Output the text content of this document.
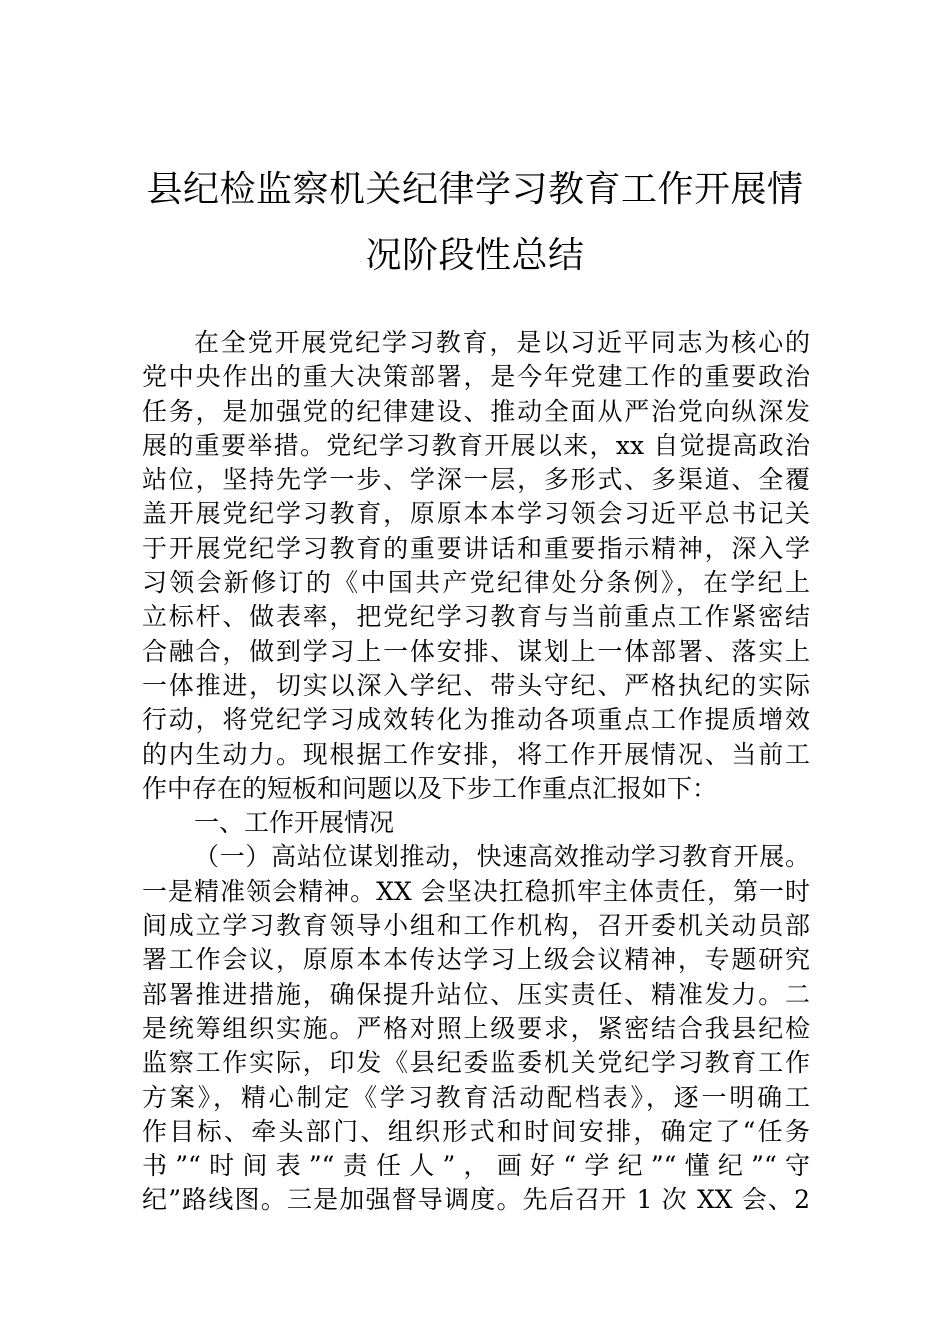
县纪检监察机关纪律学习教育工作开展情
况阶段性总结
在全党开展党纪学习教育，是以习近平同志为核心的
党中央作出的重大决策部署，是今年党建工作的重要政治
任务，是加强党的纪律建设、推动全面从严治党向纵深发
展的重要举措。党纪学习教育开展以来，xx 自觉提高政治
站位，坚持先学一步、学深一层，多形式、多渠道、全覆
盖开展党纪学习教育，原原本本学习领会习近平总书记关
于开展党纪学习教育的重要讲话和重要指示精神，深入学
习领会新修订的《中国共产党纪律处分条例》，在学纪上
立标杆、做表率，把党纪学习教育与当前重点工作紧密结
合融合，做到学习上一体安排、谋划上一体部署、落实上
一体推进，切实以深入学纪、带头守纪、严格执纪的实际
行动，将党纪学习成效转化为推动各项重点工作提质增效
的内生动力。现根据工作安排，将工作开展情况、当前工
作中存在的短板和问题以及下步工作重点汇报如下：
一、工作开展情况
（一）高站位谋划推动，快速高效推动学习教育开展。
一是精准领会精神。XX 会坚决扛稳抓牢主体责任，第一时
间成立学习教育领导小组和工作机构，召开委机关动员部
署工作会议，原原本本传达学习上级会议精神，专题研究
部署推进措施，确保提升站位、压实责任、精准发力。二
是统筹组织实施。严格对照上级要求，紧密结合我县纪检
监察工作实际，印发《县纪委监委机关党纪学习教育工作
方案》，精心制定《学习教育活动配档表》，逐一明确工
作目标、牵头部门、组织形式和时间安排，确定了“任务
书”“时间表”“责任人”，画好“学纪”“懂纪”“守
纪”路线图。三是加强督导调度。先后召开 1 次 XX 会、2
